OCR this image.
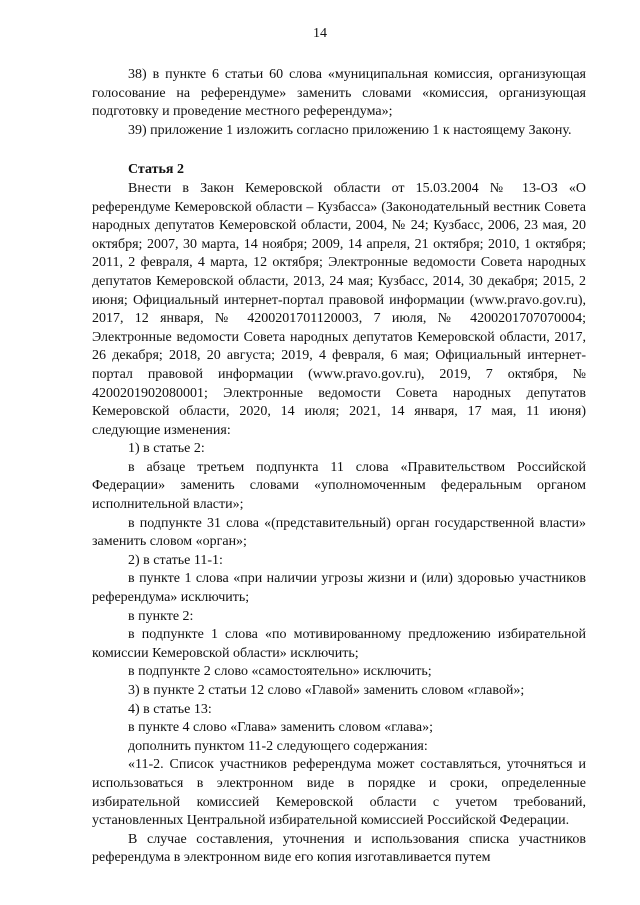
14

38) в пункте 6 статьи 60 слова «муниципальная комиссия, организующая голосование на референдуме» заменить словами «комиссия, организующая подготовку и проведение местного референдума»;

39) приложение 1 изложить согласно приложению 1 к настоящему Закону.

Статья 2

Внести в Закон Кемеровской области от 15.03.2004 № 13-ОЗ «О референдуме Кемеровской области – Кузбасса» (Законодательный вестник Совета народных депутатов Кемеровской области, 2004, № 24; Кузбасс, 2006, 23 мая, 20 октября; 2007, 30 марта, 14 ноября; 2009, 14 апреля, 21 октября; 2010, 1 октября; 2011, 2 февраля, 4 марта, 12 октября; Электронные ведомости Совета народных депутатов Кемеровской области, 2013, 24 мая; Кузбасс, 2014, 30 декабря; 2015, 2 июня; Официальный интернет-портал правовой информации (www.pravo.gov.ru), 2017, 12 января, № 4200201701120003, 7 июля, № 4200201707070004; Электронные ведомости Совета народных депутатов Кемеровской области, 2017, 26 декабря; 2018, 20 августа; 2019, 4 февраля, 6 мая; Официальный интернет-портал правовой информации (www.pravo.gov.ru), 2019, 7 октября, № 4200201902080001; Электронные ведомости Совета народных депутатов Кемеровской области, 2020, 14 июля; 2021, 14 января, 17 мая, 11 июня) следующие изменения:

1) в статье 2:

в абзаце третьем подпункта 11 слова «Правительством Российской Федерации» заменить словами «уполномоченным федеральным органом исполнительной власти»;

в подпункте 31 слова «(представительный) орган государственной власти» заменить словом «орган»;

2) в статье 11-1:

в пункте 1 слова «при наличии угрозы жизни и (или) здоровью участников референдума» исключить;

в пункте 2:

в подпункте 1 слова «по мотивированному предложению избирательной комиссии Кемеровской области» исключить;

в подпункте 2 слово «самостоятельно» исключить;

3) в пункте 2 статьи 12 слово «Главой» заменить словом «главой»;

4) в статье 13:

в пункте 4 слово «Глава» заменить словом «глава»;

дополнить пунктом 11-2 следующего содержания:

«11-2. Список участников референдума может составляться, уточняться и использоваться в электронном виде в порядке и сроки, определенные избирательной комиссией Кемеровской области с учетом требований, установленных Центральной избирательной комиссией Российской Федерации.

В случае составления, уточнения и использования списка участников референдума в электронном виде его копия изготавливается путем
